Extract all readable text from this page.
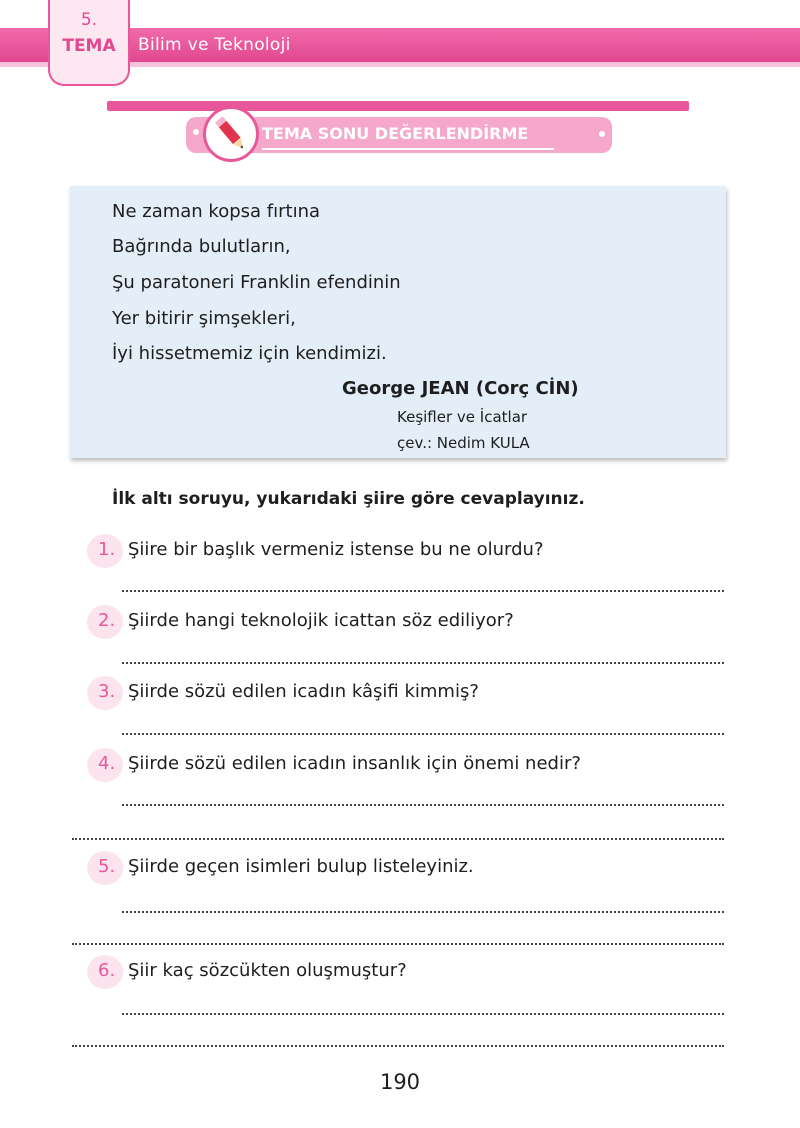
5.
TEMA	Bilim ve Teknoloji
TEMA SONU DEĞERLENDİRME
Ne zaman kopsa fırtına
Bağrında bulutların,
Şu paratoneri Franklin efendinin
Yer bitirir şimşekleri,
İyi hissetmemiz için kendimizi.
George JEAN (Corç CİN)
Keşifler ve İcatlar
çev.: Nedim KULA
İlk altı soruyu, yukarıdaki şiire göre cevaplayınız.
1. Şiire bir başlık vermeniz istense bu ne olurdu?
2. Şiirde hangi teknolojik icattan söz ediliyor?
3. Şiirde sözü edilen icadın kâşifi kimmiş?
4. Şiirde sözü edilen icadın insanlık için önemi nedir?
5. Şiirde geçen isimleri bulup listeleyiniz.
6. Şiir kaç sözcükten oluşmuştur?
190
